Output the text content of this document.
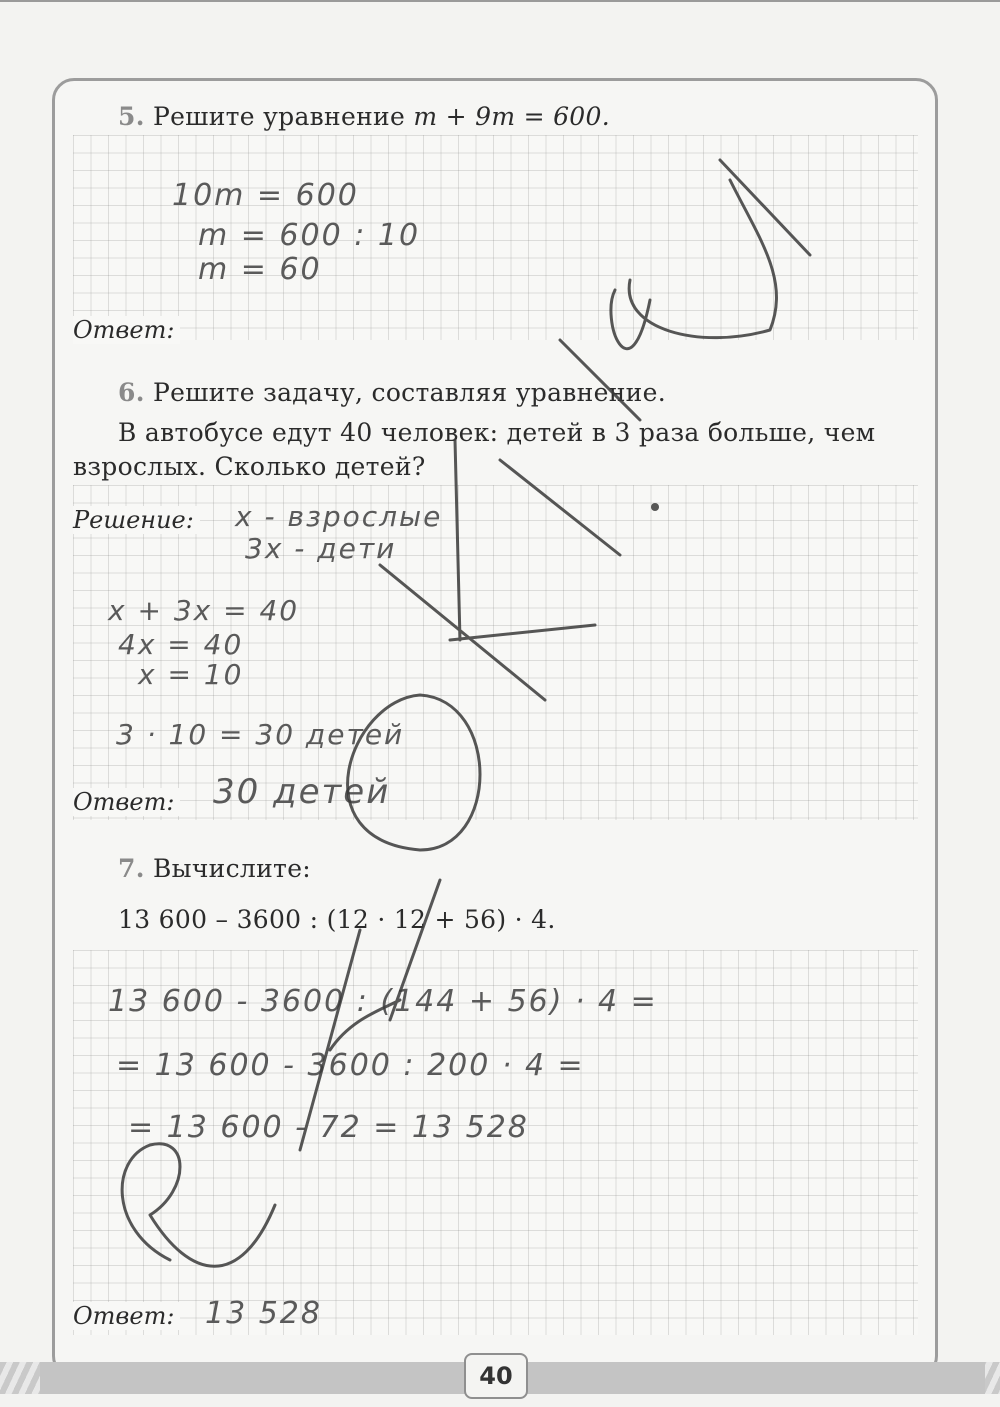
5. Решите уравнение m + 9m = 600.
10m = 600
m = 600 : 10
m = 60
Ответ:
6. Решите задачу, составляя уравнение.
В автобусе едут 40 человек: детей в 3 раза больше, чем
взрослых. Сколько детей?
Решение: x - взрослые
3x - дети
x + 3x = 40
4x = 40
x = 10
3 · 10 = 30 детей
Ответ: 30 детей
7. Вычислите:
13 600 – 3600 : (12 · 12 + 56) · 4.
13 600 - 3600 : (144 + 56) · 4 =
= 13 600 - 3600 : 200 · 4 =
= 13 600 - 72 = 13 528
Ответ: 13 528
40
